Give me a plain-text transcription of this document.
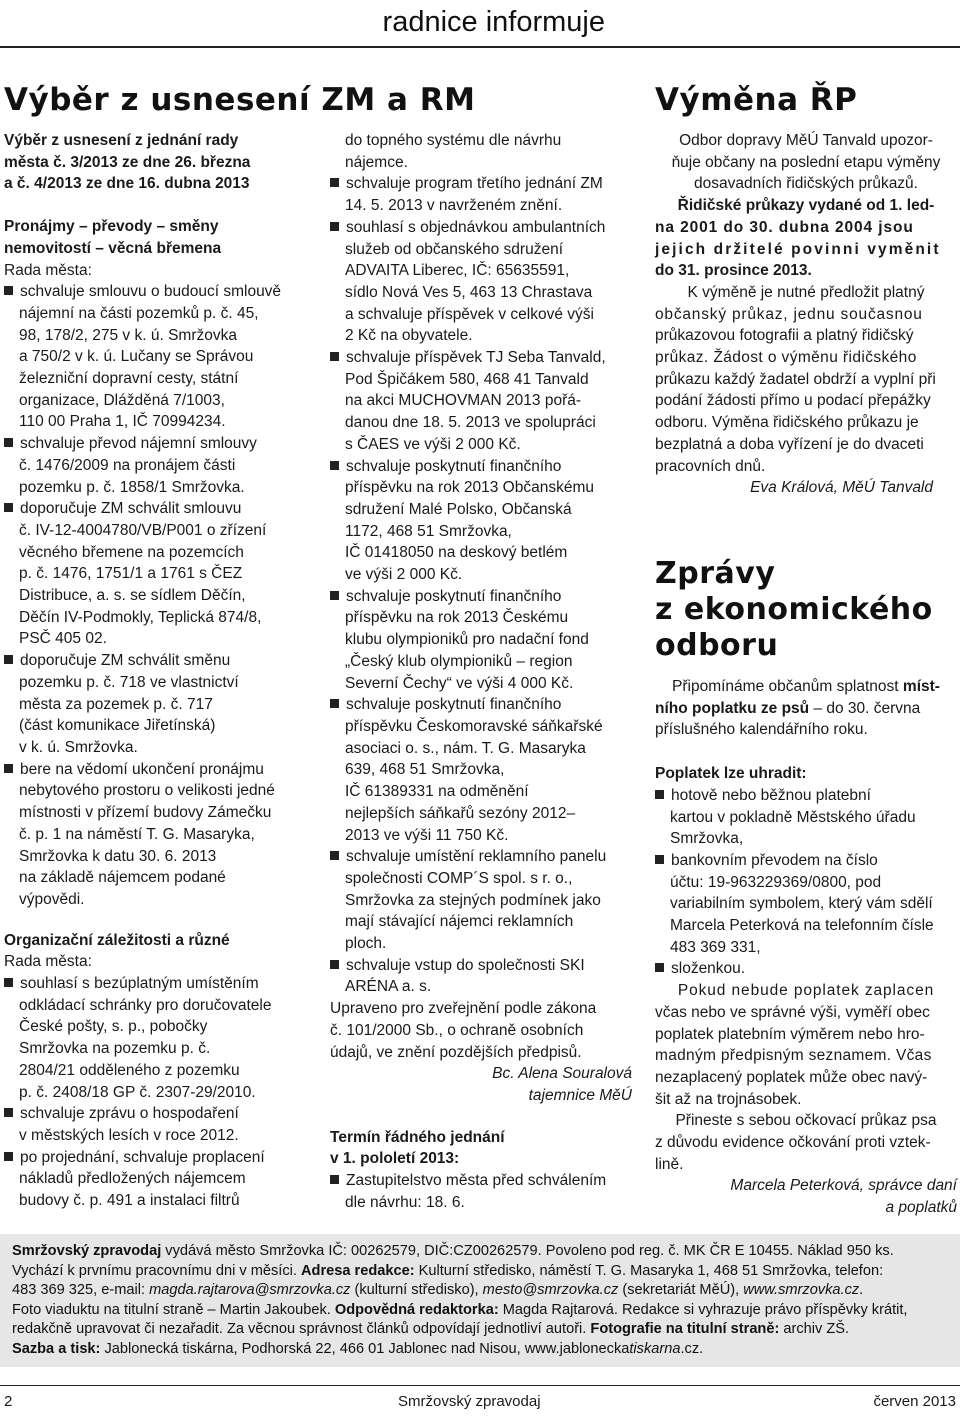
radnice informuje
Výběr z usnesení ZM a RM	Výměna ŘP
Výběr z usnesení z jednání rady
města č. 3/2013 ze dne 26. března
a č. 4/2013 ze dne 16. dubna 2013
Pronájmy – převody – směny
nemovitostí – věcná břemena
Rada města:
schvaluje smlouvu o budoucí smlouvě
nájemní na části pozemků p. č. 45,
98, 178/2, 275 v k. ú. Smržovka
a 750/2 v k. ú. Lučany se Správou
železniční dopravní cesty, státní
organizace, Dlážděná 7/1003,
110 00 Praha 1, IČ 70994234.
schvaluje převod nájemní smlouvy
č. 1476/2009 na pronájem části
pozemku p. č. 1858/1 Smržovka.
doporučuje ZM schválit smlouvu
č. IV-12-4004780/VB/P001 o zřízení
věcného břemene na pozemcích
p. č. 1476, 1751/1 a 1761 s ČEZ
Distribuce, a. s. se sídlem Děčín,
Děčín IV-Podmokly, Teplická 874/8,
PSČ 405 02.
doporučuje ZM schválit směnu
pozemku p. č. 718 ve vlastnictví
města za pozemek p. č. 717
(část komunikace Jiřetínská)
v k. ú. Smržovka.
bere na vědomí ukončení pronájmu
nebytového prostoru o velikosti jedné
místnosti v přízemí budovy Zámečku
č. p. 1 na náměstí T. G. Masaryka,
Smržovka k datu 30. 6. 2013
na základě nájemcem podané
výpovědi.
Organizační záležitosti a různé
Rada města:
souhlasí s bezúplatným umístěním
odkládací schránky pro doručovatele
České pošty, s. p., pobočky
Smržovka na pozemku p. č.
2804/21 odděleného z pozemku
p. č. 2408/18 GP č. 2307-29/2010.
schvaluje zprávu o hospodaření
v městských lesích v roce 2012.
po projednání, schvaluje proplacení
nákladů předložených nájemcem
budovy č. p. 491 a instalaci filtrů
do topného systému dle návrhu
nájemce.
schvaluje program třetího jednání ZM
14. 5. 2013 v navrženém znění.
souhlasí s objednávkou ambulantních
služeb od občanského sdružení
ADVAITA Liberec, IČ: 65635591,
sídlo Nová Ves 5, 463 13 Chrastava
a schvaluje příspěvek v celkové výši
2 Kč na obyvatele.
schvaluje příspěvek TJ Seba Tanvald,
Pod Špičákem 580, 468 41 Tanvald
na akci MUCHOVMAN 2013 pořá-
danou dne 18. 5. 2013 ve spolupráci
s ČAES ve výši 2 000 Kč.
schvaluje poskytnutí finančního
příspěvku na rok 2013 Občanskému
sdružení Malé Polsko, Občanská
1172, 468 51 Smržovka,
IČ 01418050 na deskový betlém
ve výši 2 000 Kč.
schvaluje poskytnutí finančního
příspěvku na rok 2013 Českému
klubu olympioniků pro nadační fond
„Český klub olympioniků – region
Severní Čechy“ ve výši 4 000 Kč.
schvaluje poskytnutí finančního
příspěvku Českomoravské sáňkařské
asociaci o. s., nám. T. G. Masaryka
639, 468 51 Smržovka,
IČ 61389331 na odměnění
nejlepších sáňkařů sezóny 2012–
2013 ve výši 11 750 Kč.
schvaluje umístění reklamního panelu
společnosti COMP´S spol. s r. o.,
Smržovka za stejných podmínek jako
mají stávající nájemci reklamních
ploch.
schvaluje vstup do společnosti SKI
ARÉNA a. s.
Upraveno pro zveřejnění podle zákona
č. 101/2000 Sb., o ochraně osobních
údajů, ve znění pozdějších předpisů.
Bc. Alena Souralová
tajemnice MěÚ
Termín řádného jednání
v 1. pololetí 2013:
Zastupitelstvo města před schválením
dle návrhu: 18. 6.
Odbor dopravy MěÚ Tanvald upozor-
ňuje občany na poslední etapu výměny
dosavadních řidičských průkazů.
Řidičské průkazy vydané od 1. led-
na 2001 do 30. dubna 2004 jsou
jejich držitelé povinni vyměnit
do 31. prosince 2013.
K výměně je nutné předložit platný
občanský průkaz, jednu současnou
průkazovou fotografii a platný řidičský
průkaz. Žádost o výměnu řidičského
průkazu každý žadatel obdrží a vyplní při
podání žádosti přímo u podací přepážky
odboru. Výměna řidičského průkazu je
bezplatná a doba vyřízení je do dvaceti
pracovních dnů.
Eva Králová, MěÚ Tanvald
Zprávy
z ekonomického
odboru
Připomínáme občanům splatnost míst-
ního poplatku ze psů – do 30. června
příslušného kalendářního roku.
Poplatek lze uhradit:
hotově nebo běžnou platební
kartou v pokladně Městského úřadu
Smržovka,
bankovním převodem na číslo
účtu: 19-963229369/0800, pod
variabilním symbolem, který vám sdělí
Marcela Peterková na telefonním čísle
483 369 331,
složenkou.
Pokud nebude poplatek zaplacen
včas nebo ve správné výši, vyměří obec
poplatek platebním výměrem nebo hro-
madným předpisným seznamem. Včas
nezaplacený poplatek může obec navý-
šit až na trojnásobek.
Přineste s sebou očkovací průkaz psa
z důvodu evidence očkování proti vztek-
lině.
Marcela Peterková, správce daní
a poplatků
Smržovský zpravodaj vydává město Smržovka IČ: 00262579, DIČ:CZ00262579. Povoleno pod reg. č. MK ČR E 10455. Náklad 950 ks.
Vychází k prvnímu pracovnímu dni v měsíci. Adresa redakce: Kulturní středisko, náměstí T. G. Masaryka 1, 468 51 Smržovka, telefon:
483 369 325, e-mail: magda.rajtarova@smrzovka.cz (kulturní středisko), mesto@smrzovka.cz (sekretariát MěÚ), www.smrzovka.cz.
Foto viaduktu na titulní straně – Martin Jakoubek. Odpovědná redaktorka: Magda Rajtarová. Redakce si vyhrazuje právo příspěvky krátit,
redakčně upravovat či nezařadit. Za věcnou správnost článků odpovídají jednotliví autoři. Fotografie na titulní straně: archiv ZŠ.
Sazba a tisk: Jablonecká tiskárna, Podhorská 22, 466 01 Jablonec nad Nisou, www.jabloneckatiskarna.cz.
2	Smržovský zpravodaj	červen 2013
